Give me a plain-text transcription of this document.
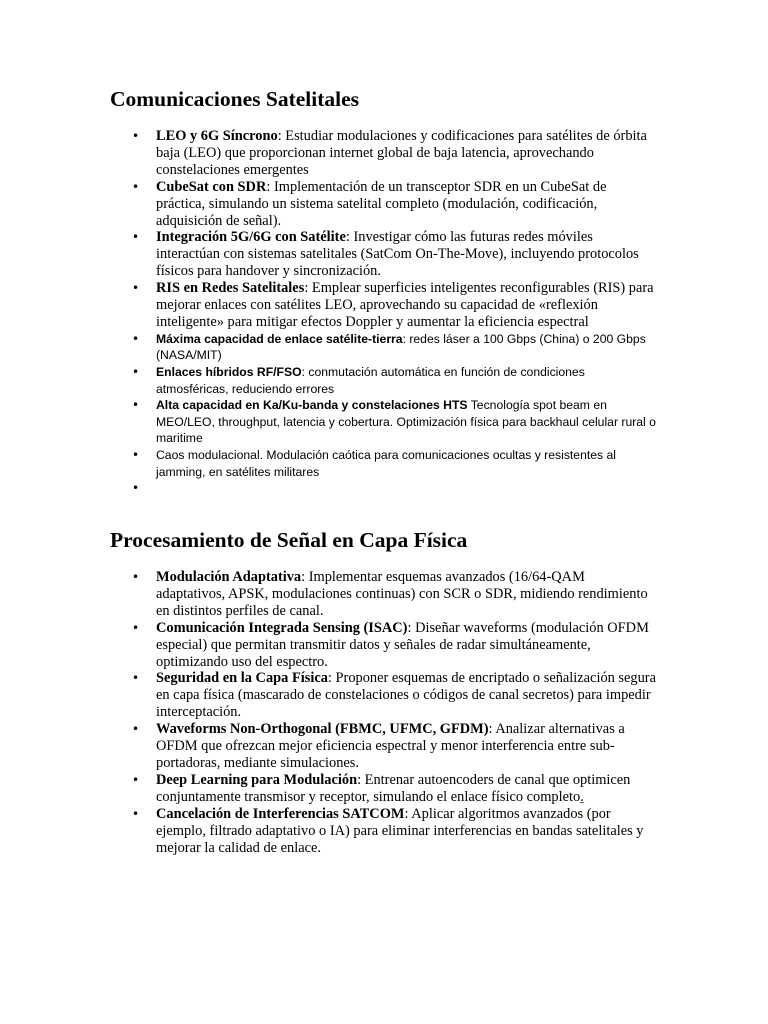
Comunicaciones Satelitales
• LEO y 6G Síncrono: Estudiar modulaciones y codificaciones para satélites de órbita baja (LEO) que proporcionan internet global de baja latencia, aprovechando constelaciones emergentes
• CubeSat con SDR: Implementación de un transceptor SDR en un CubeSat de práctica, simulando un sistema satelital completo (modulación, codificación, adquisición de señal).
• Integración 5G/6G con Satélite: Investigar cómo las futuras redes móviles interactúan con sistemas satelitales (SatCom On-The-Move), incluyendo protocolos físicos para handover y sincronización.
• RIS en Redes Satelitales: Emplear superficies inteligentes reconfigurables (RIS) para mejorar enlaces con satélites LEO, aprovechando su capacidad de «reflexión inteligente» para mitigar efectos Doppler y aumentar la eficiencia espectral
• Máxima capacidad de enlace satélite-tierra: redes láser a 100 Gbps (China) o 200 Gbps (NASA/MIT)
• Enlaces híbridos RF/FSO: conmutación automática en función de condiciones atmosféricas, reduciendo errores
• Alta capacidad en Ka/Ku-banda y constelaciones HTS Tecnología spot beam en MEO/LEO, throughput, latencia y cobertura. Optimización física para backhaul celular rural o maritime
• Caos modulacional. Modulación caótica para comunicaciones ocultas y resistentes al jamming, en satélites militares
•
Procesamiento de Señal en Capa Física
• Modulación Adaptativa: Implementar esquemas avanzados (16/64-QAM adaptativos, APSK, modulaciones continuas) con SCR o SDR, midiendo rendimiento en distintos perfiles de canal.
• Comunicación Integrada Sensing (ISAC): Diseñar waveforms (modulación OFDM especial) que permitan transmitir datos y señales de radar simultáneamente, optimizando uso del espectro.
• Seguridad en la Capa Física: Proponer esquemas de encriptado o señalización segura en capa física (mascarado de constelaciones o códigos de canal secretos) para impedir interceptación.
• Waveforms Non-Orthogonal (FBMC, UFMC, GFDM): Analizar alternativas a OFDM que ofrezcan mejor eficiencia espectral y menor interferencia entre sub-portadoras, mediante simulaciones.
• Deep Learning para Modulación: Entrenar autoencoders de canal que optimicen conjuntamente transmisor y receptor, simulando el enlace físico completo.
• Cancelación de Interferencias SATCOM: Aplicar algoritmos avanzados (por ejemplo, filtrado adaptativo o IA) para eliminar interferencias en bandas satelitales y mejorar la calidad de enlace.
